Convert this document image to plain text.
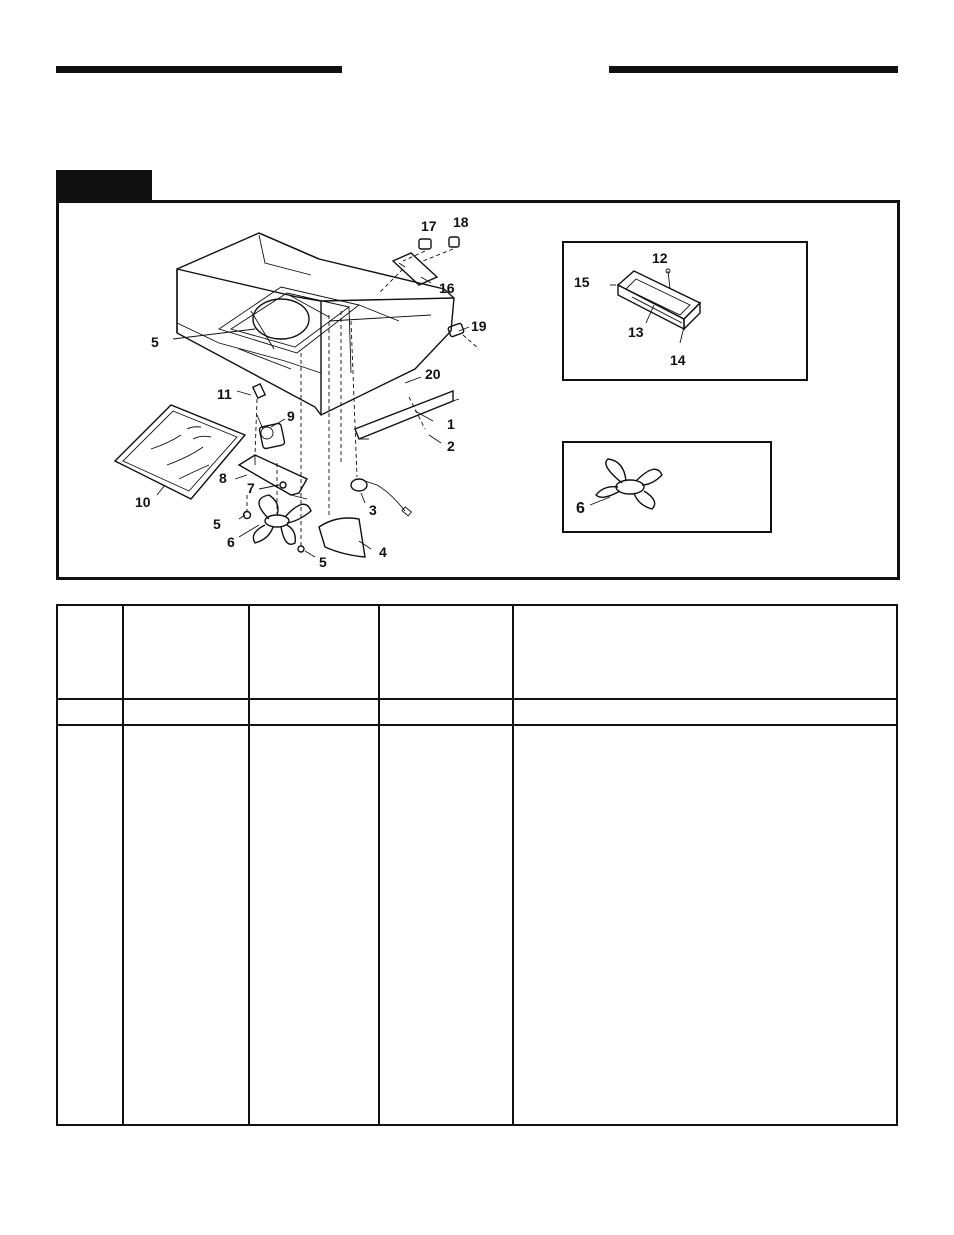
5
11
9
8
7
10
5
6
5
3
4
1
2
20
19
16
17 18
12
15
13
14
6
